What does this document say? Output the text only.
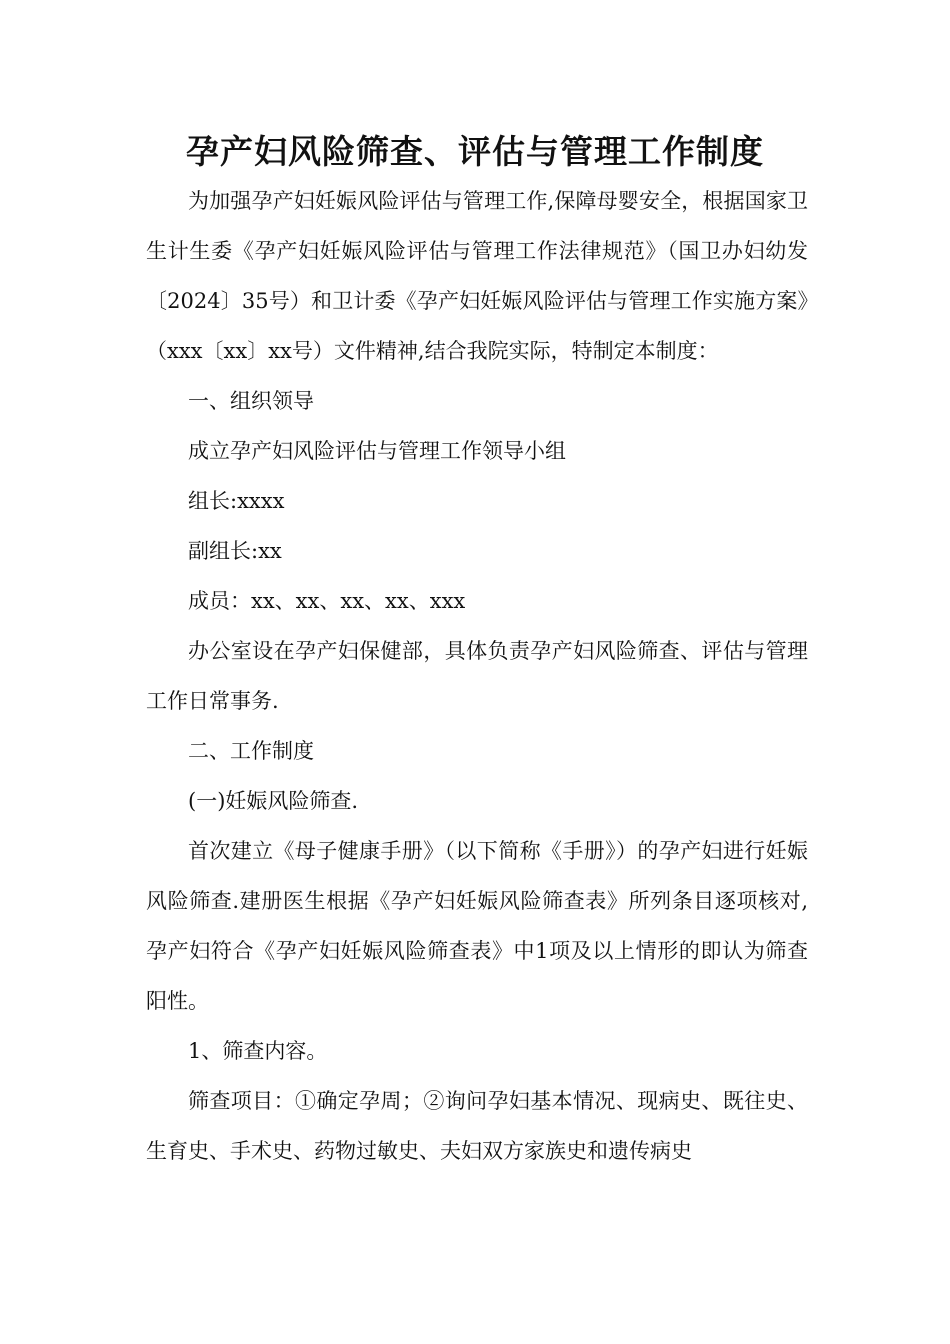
孕产妇风险筛查、评估与管理工作制度

为加强孕产妇妊娠风险评估与管理工作,保障母婴安全，根据国家卫生计生委《孕产妇妊娠风险评估与管理工作法律规范》（国卫办妇幼发〔2024〕35号）和卫计委《孕产妇妊娠风险评估与管理工作实施方案》（xxx〔xx〕xx号）文件精神,结合我院实际，特制定本制度：

一、组织领导

成立孕产妇风险评估与管理工作领导小组

组长:xxxx

副组长:xx

成员：xx、xx、xx、xx、xxx

办公室设在孕产妇保健部，具体负责孕产妇风险筛查、评估与管理工作日常事务.

二、工作制度

(一)妊娠风险筛查.

首次建立《母子健康手册》（以下简称《手册》）的孕产妇进行妊娠风险筛查.建册医生根据《孕产妇妊娠风险筛查表》所列条目逐项核对,孕产妇符合《孕产妇妊娠风险筛查表》中1项及以上情形的即认为筛查阳性。

1、筛查内容。

筛查项目：①确定孕周；②询问孕妇基本情况、现病史、既往史、生育史、手术史、药物过敏史、夫妇双方家族史和遗传病史
